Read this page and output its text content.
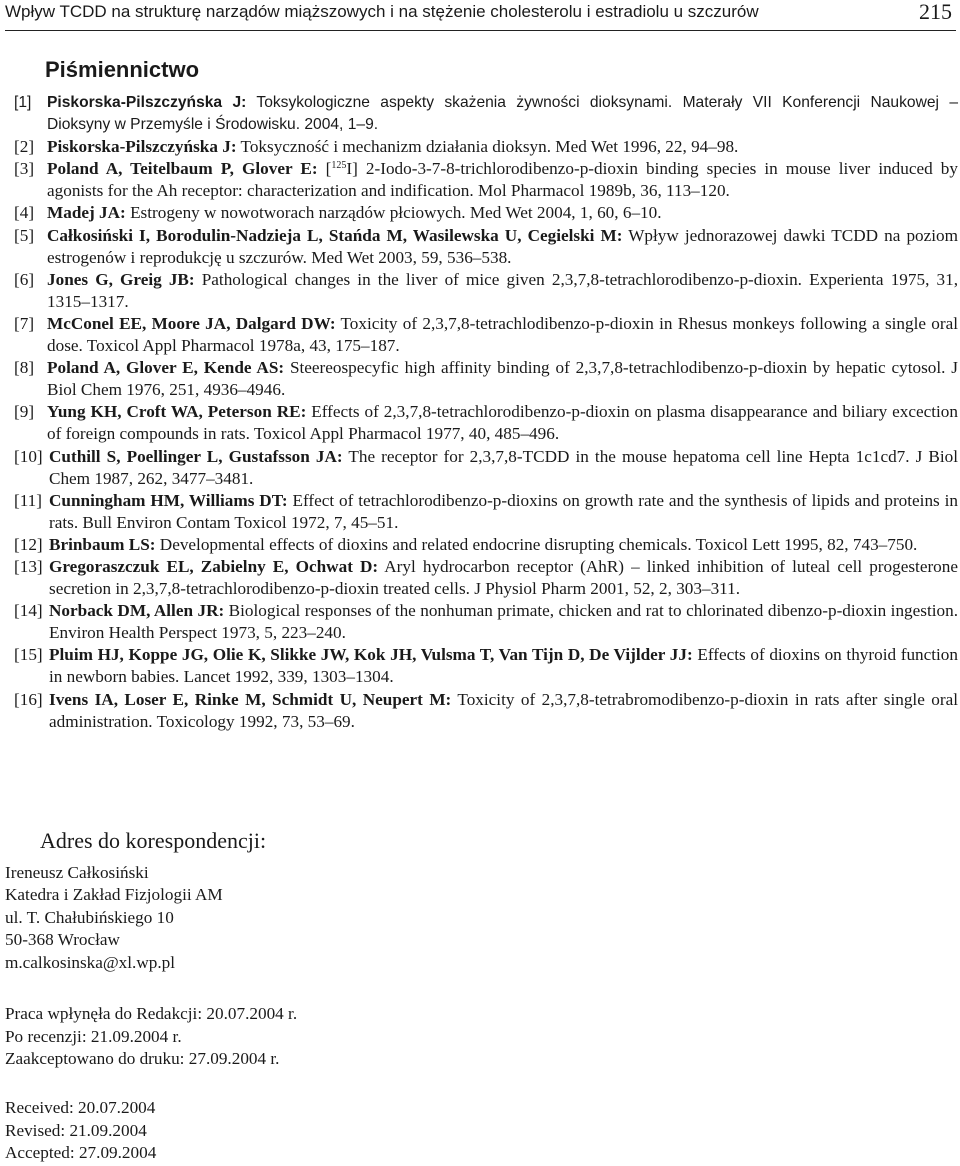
Wpływ TCDD na strukturę narządów miąższowych i na stężenie cholesterolu i estradiolu u szczurów	215
Piśmiennictwo
[1]	Piskorska-Pilszczyńska J: Toksykologiczne aspekty skażenia żywności dioksynami. Materały VII Konferencji Naukowej – Dioksyny w Przemyśle i Środowisku. 2004, 1–9.
[2] Piskorska-Pilszczyńska J: Toksyczność i mechanizm działania dioksyn. Med Wet 1996, 22, 94–98.
[3] Poland A, Teitelbaum P, Glover E: [$^{125}$I] 2-Iodo-3-7-8-trichlorodibenzo-p-dioxin binding species in mouse liver induced by agonists for the Ah receptor: characterization and indification. Mol Pharmacol 1989b, 36, 113–120.
[4] Madej JA: Estrogeny w nowotworach narządów płciowych. Med Wet 2004, 1, 60, 6–10.
[5] Całkosiński I, Borodulin-Nadzieja L, Stańda M, Wasilewska U, Cegielski M: Wpływ jednorazowej dawki TCDD na poziom estrogenów i reprodukcję u szczurów. Med Wet 2003, 59, 536–538.
[6] Jones G, Greig JB: Pathological changes in the liver of mice given 2,3,7,8-tetrachlorodibenzo-p-dioxin. Experienta 1975, 31, 1315–1317.
[7] McConel EE, Moore JA, Dalgard DW: Toxicity of 2,3,7,8-tetrachlodibenzo-p-dioxin in Rhesus monkeys following a single oral dose. Toxicol Appl Pharmacol 1978a, 43, 175–187.
[8] Poland A, Glover E, Kende AS: Steereospecyfic high affinity binding of 2,3,7,8-tetrachlodibenzo-p-dioxin by hepatic cytosol. J Biol Chem 1976, 251, 4936–4946.
[9] Yung KH, Croft WA, Peterson RE: Effects of 2,3,7,8-tetrachlorodibenzo-p-dioxin on plasma disappearance and biliary excection of foreign compounds in rats. Toxicol Appl Pharmacol 1977, 40, 485–496.
[10] Cuthill S, Poellinger L, Gustafsson JA: The receptor for 2,3,7,8-TCDD in the mouse hepatoma cell line Hepta 1c1cd7. J Biol Chem 1987, 262, 3477–3481.
[11] Cunningham HM, Williams DT: Effect of tetrachlorodibenzo-p-dioxins on growth rate and the synthesis of lipids and proteins in rats. Bull Environ Contam Toxicol 1972, 7, 45–51.
[12] Brinbaum LS: Developmental effects of dioxins and related endocrine disrupting chemicals. Toxicol Lett 1995, 82, 743–750.
[13] Gregoraszczuk EL, Zabielny E, Ochwat D: Aryl hydrocarbon receptor (AhR) – linked inhibition of luteal cell progesterone secretion in 2,3,7,8-tetrachlorodibenzo-p-dioxin treated cells. J Physiol Pharm 2001, 52, 2, 303–311.
[14] Norback DM, Allen JR: Biological responses of the nonhuman primate, chicken and rat to chlorinated dibenzo-p-dioxin ingestion. Environ Health Perspect 1973, 5, 223–240.
[15] Pluim HJ, Koppe JG, Olie K, Slikke JW, Kok JH, Vulsma T, Van Tijn D, De Vijlder JJ: Effects of dioxins on thyroid function in newborn babies. Lancet 1992, 339, 1303–1304.
[16] Ivens IA, Loser E, Rinke M, Schmidt U, Neupert M: Toxicity of 2,3,7,8-tetrabromodibenzo-p-dioxin in rats after single oral administration. Toxicology 1992, 73, 53–69.
Adres do korespondencji:
Ireneusz Całkosiński
Katedra i Zakład Fizjologii AM
ul. T. Chałubińskiego 10
50-368 Wrocław
m.calkosinska@xl.wp.pl
Praca wpłynęła do Redakcji: 20.07.2004 r.
Po recenzji: 21.09.2004 r.
Zaakceptowano do druku: 27.09.2004 r.
Received: 20.07.2004
Revised: 21.09.2004
Accepted: 27.09.2004
